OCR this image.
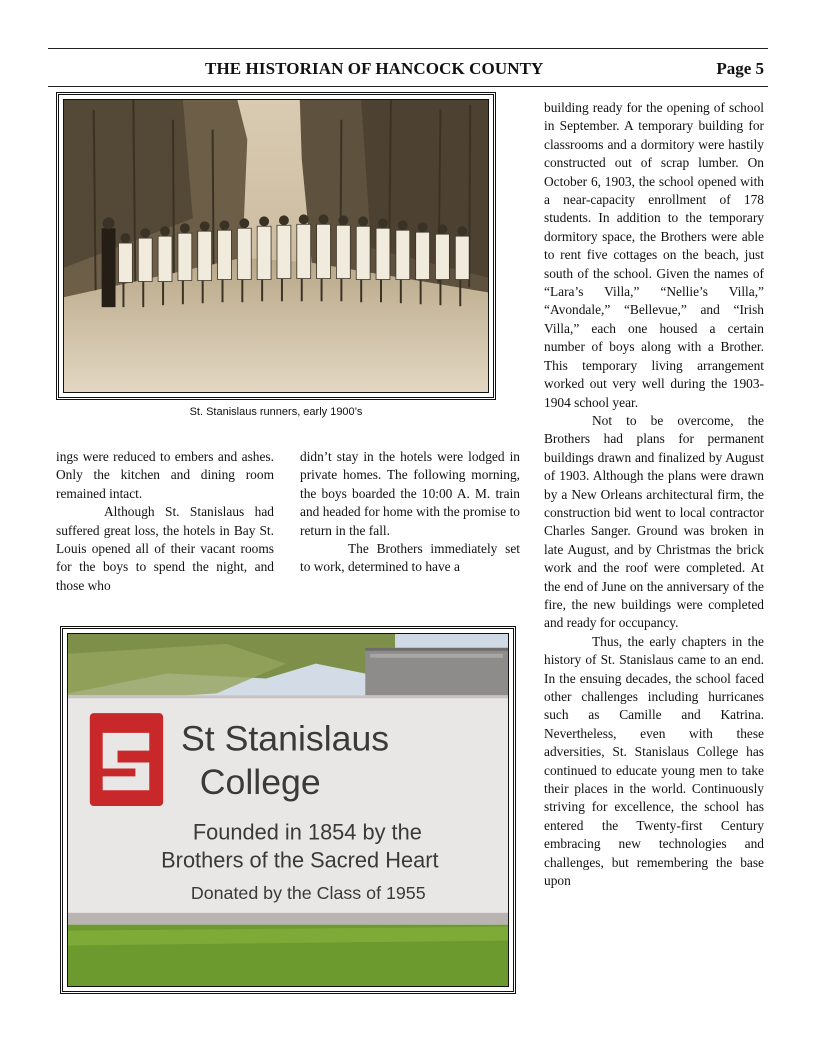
THE HISTORIAN OF HANCOCK COUNTY	Page 5
St. Stanislaus runners, early 1900’s

ings were reduced to embers and ashes. Only the kitchen and dining room remained intact.

Although St. Stanislaus had suffered great loss, the hotels in Bay St. Louis opened all of their vacant rooms for the boys to spend the night, and those who

didn’t stay in the hotels were lodged in private homes. The following morning, the boys boarded the 10:00 A. M. train and headed for home with the promise to return in the fall.

The Brothers immediately set to work, determined to have a

building ready for the opening of school in September. A temporary building for classrooms and a dormitory were hastily constructed out of scrap lumber. On October 6, 1903, the school opened with a near-capacity enrollment of 178 students. In addition to the temporary dormitory space, the Brothers were able to rent five cottages on the beach, just south of the school. Given the names of “Lara’s Villa,” “Nellie’s Villa,” “Avondale,” “Bellevue,” and “Irish Villa,” each one housed a certain number of boys along with a Brother. This temporary living arrangement worked out very well during the 1903-1904 school year.

Not to be overcome, the Brothers had plans for permanent buildings drawn and finalized by August of 1903. Although the plans were drawn by a New Orleans architectural firm, the construction bid went to local contractor Charles Sanger. Ground was broken in late August, and by Christmas the brick work and the roof were completed. At the end of June on the anniversary of the fire, the new buildings were completed and ready for occupancy.

Thus, the early chapters in the history of St. Stanislaus came to an end. In the ensuing decades, the school faced other challenges including hurricanes such as Camille and Katrina. Nevertheless, even with these adversities, St. Stanislaus College has continued to educate young men to take their places in the world. Continuously striving for excellence, the school has entered the Twenty-first Century embracing new technologies and challenges, but remembering the base upon

St Stanislaus
College
Founded in 1854 by the
Brothers of the Sacred Heart
Donated by the Class of 1955
